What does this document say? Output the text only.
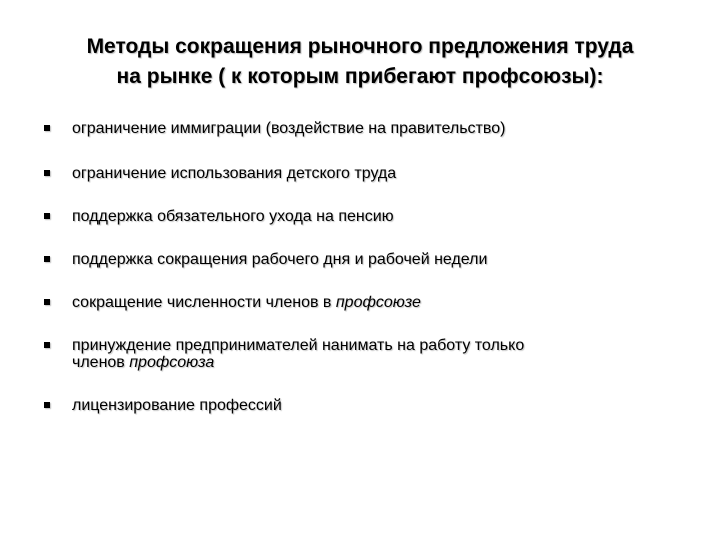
Методы сокращения рыночного предложения труда
на рынке ( к которым прибегают профсоюзы):
ограничение иммиграции (воздействие на правительство)
ограничение использования детского труда
поддержка обязательного ухода на пенсию
поддержка сокращения рабочего дня и рабочей недели
сокращение численности членов в профсоюзе
принуждение предпринимателей нанимать на работу только
членов профсоюза
лицензирование профессий
